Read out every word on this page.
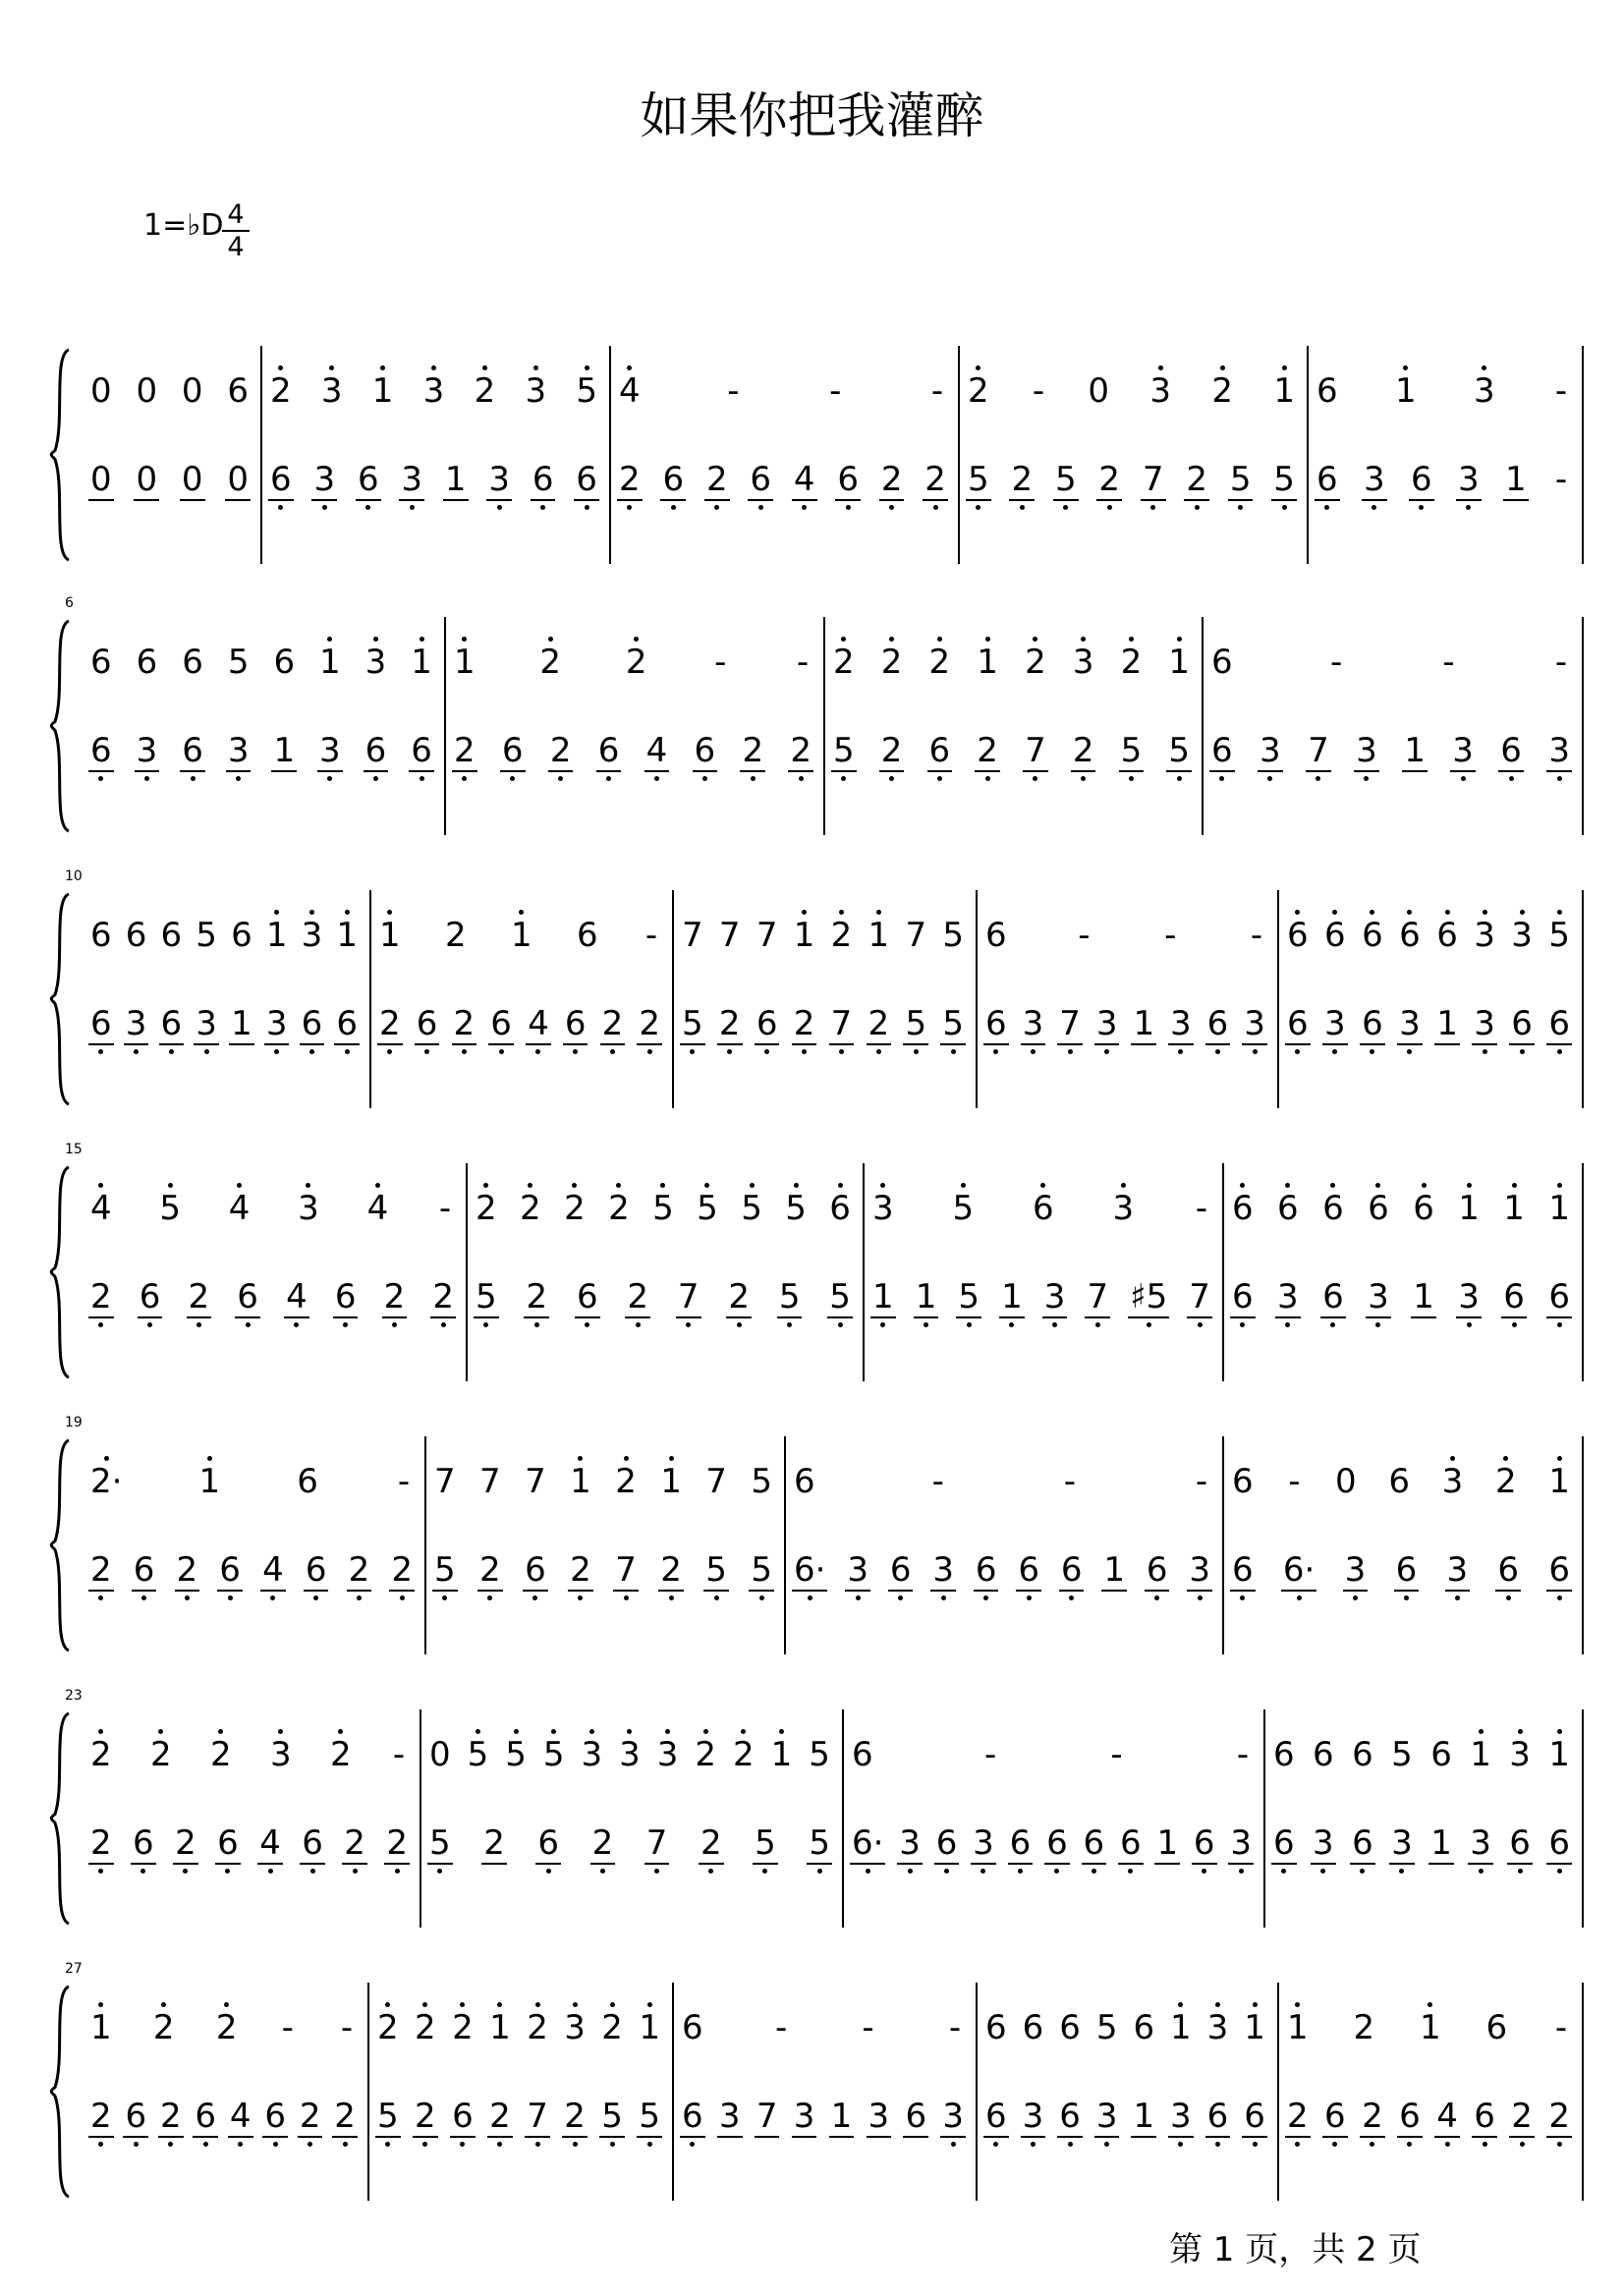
如果你把我灌醉
1=♭D 4
4
0 0 0 6
0 0 0 0
2 3 1 3 2 3 5
6 3 6 3 1 3 6 6
4	-	-	-
2 6 2 6 4 6 2 2
2 - 0 3 2 1
5 2 5 2 7 2 5 5
6 1 3 -
6 3 6 3 1 -
6
6 6 6 5 6 1 3 1
6 3 6 3 1 3 6 6
1 2 2 - -
2 6 2 6 4 6 2 2
2 2 2 1 2 3 2 1
5 2 6 2 7 2 5 5
6	-	-	-
6 3 7 3 1 3 6 3
10
6 6 6 5 6 1 3 1
6 3 6 3 1 3 6 6
1 2 1 6 -
2 6 2 6 4 6 2 2
7 7 7 1 2 1 7 5
5 2 6 2 7 2 5 5
6 - - -
6 3 7 3 1 3 6 3
6 6 6 6 6 3 3 5
6 3 6 3 1 3 6 6
15
4 5 4 3 4 -
2 6 2 6 4 6 2 2
2 2 2 2 5 5 5 5 6
5 2 6 2 7 2 5 5
3 5 6 3 -
1 1 5 1 3 7 ♯5 7
6 6 6 6 6 1 1 1
6 3 6 3 1 3 6 6
19
2· 1 6 -
2 6 2 6 4 6 2 2
7 7 7 1 2 1 7 5
5 2 6 2 7 2 5 5
6	-	-	-
6· 3 6 3 6 6 6 1 6 3
6 - 0 6 3 2 1
6 6· 3 6 3 6 6
23
2 2 2 3 2 -
2 6 2 6 4 6 2 2
0 5 5 5 3 3 3 2 2 1 5
5 2 6 2 7 2 5 5
6	-	-	-
6· 3 6 3 6 6 6 6 1 6 3
6 6 6 5 6 1 3 1
6 3 6 3 1 3 6 6
27
1 2 2 - -
2 6 2 6 4 6 2 2
2 2 2 1 2 3 2 1
5 2 6 2 7 2 5 5
6 - - -
6 3 7 3 1 3 6 3
6 6 6 5 6 1 3 1
6 3 6 3 1 3 6 6
1 2 1 6 -
2 6 2 6 4 6 2 2
第 1 页，共 2 页
